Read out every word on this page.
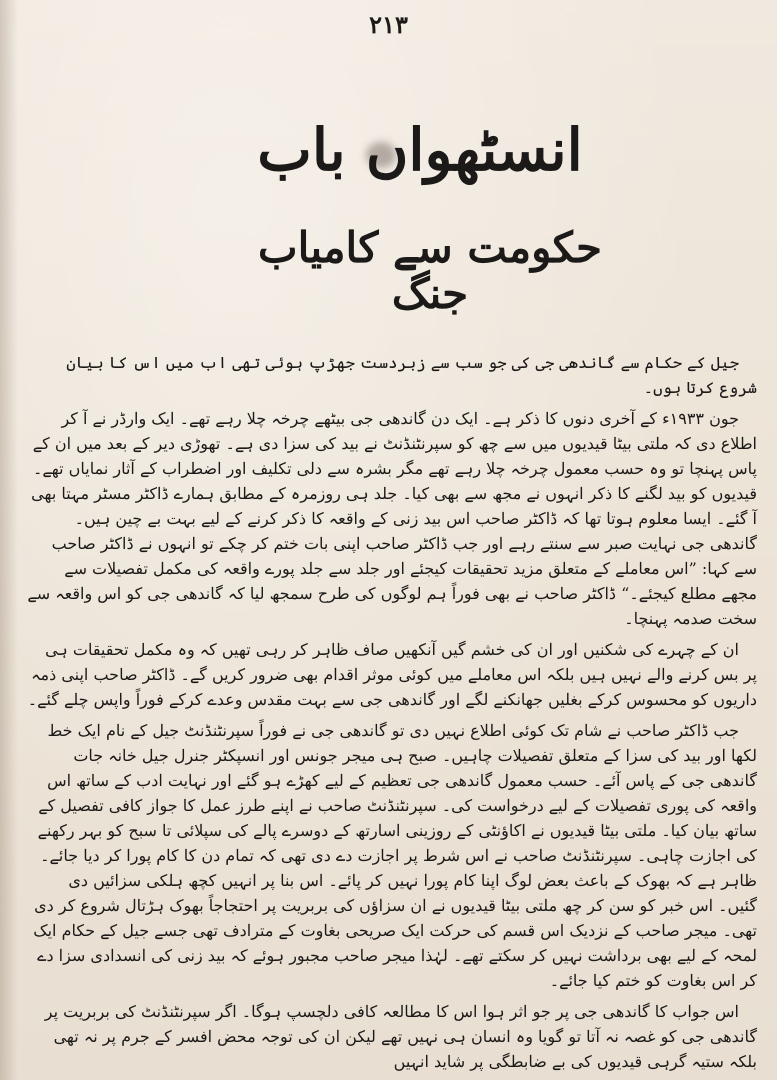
۲۱۳
انسٹھواں باب
حکومت سے کامیاب جنگ

جیل کے حکام سے گاندھی جی کی جو سب سے زبردست جھڑپ ہوئی تھی اب میں اس کا بیان شروع کرتا ہوں۔

جون ۱۹۳۳ء کے آخری دنوں کا ذکر ہے۔ ایک دن گاندھی جی بیٹھے چرخہ چلا رہے تھے۔ ایک وارڈر نے آ کر اطلاع دی کہ ملتی بیٹا قیدیوں میں سے چھ کو سپرنٹنڈنٹ نے بید کی سزا دی ہے۔ تھوڑی دیر کے بعد میں ان کے پاس پہنچا تو وہ حسب معمول چرخہ چلا رہے تھے مگر بشرہ سے دلی تکلیف اور اضطراب کے آثار نمایاں تھے۔ قیدیوں کو بید لگنے کا ذکر انہوں نے مجھ سے بھی کیا۔ جلد ہی روزمرہ کے مطابق ہمارے ڈاکٹر مسٹر مہتا بھی آ گئے۔ ایسا معلوم ہوتا تھا کہ ڈاکٹر صاحب اس بید زنی کے واقعہ کا ذکر کرنے کے لیے بہت بے چین ہیں۔ گاندھی جی نہایت صبر سے سنتے رہے اور جب ڈاکٹر صاحب اپنی بات ختم کر چکے تو انہوں نے ڈاکٹر صاحب سے کہا: ”اس معاملے کے متعلق مزید تحقیقات کیجئے اور جلد سے جلد پورے واقعہ کی مکمل تفصیلات سے مجھے مطلع کیجئے۔“ ڈاکٹر صاحب نے بھی فوراً ہم لوگوں کی طرح سمجھ لیا کہ گاندھی جی کو اس واقعہ سے سخت صدمہ پہنچا۔

ان کے چہرے کی شکنیں اور ان کی خشم گیں آنکھیں صاف ظاہر کر رہی تھیں کہ وہ مکمل تحقیقات ہی پر بس کرنے والے نہیں ہیں بلکہ اس معاملے میں کوئی موثر اقدام بھی ضرور کریں گے۔ ڈاکٹر صاحب اپنی ذمہ داریوں کو محسوس کرکے بغلیں جھانکنے لگے اور گاندھی جی سے بہت مقدس وعدے کرکے فوراً واپس چلے گئے۔

جب ڈاکٹر صاحب نے شام تک کوئی اطلاع نہیں دی تو گاندھی جی نے فوراً سپرنٹنڈنٹ جیل کے نام ایک خط لکھا اور بید کی سزا کے متعلق تفصیلات چاہیں۔ صبح ہی میجر جونس اور انسپکٹر جنرل جیل خانہ جات گاندھی جی کے پاس آئے۔ حسب معمول گاندھی جی تعظیم کے لیے کھڑے ہو گئے اور نہایت ادب کے ساتھ اس واقعہ کی پوری تفصیلات کے لیے درخواست کی۔ سپرنٹنڈنٹ صاحب نے اپنے طرز عمل کا جواز کافی تفصیل کے ساتھ بیان کیا۔ ملتی بیٹا قیدیوں نے اکاؤنٹی کے روزینی اسارتھ کے دوسرے پالے کی سپلائی تا سبح کو بہر رکھنے کی اجازت چاہی۔ سپرنٹنڈنٹ صاحب نے اس شرط پر اجازت دے دی تھی کہ تمام دن کا کام پورا کر دیا جائے۔ ظاہر ہے کہ بھوک کے باعث بعض لوگ اپنا کام پورا نہیں کر پائے۔ اس بنا پر انہیں کچھ ہلکی سزائیں دی گئیں۔ اس خبر کو سن کر چھ ملتی بیٹا قیدیوں نے ان سزاؤں کی بربریت پر احتجاجاً بھوک ہڑتال شروع کر دی تھی۔ میجر صاحب کے نزدیک اس قسم کی حرکت ایک صریحی بغاوت کے مترادف تھی جسے جیل کے حکام ایک لمحہ کے لیے بھی برداشت نہیں کر سکتے تھے۔ لہٰذا میجر صاحب مجبور ہوئے کہ بید زنی کی انسدادی سزا دے کر اس بغاوت کو ختم کیا جائے۔

اس جواب کا گاندھی جی پر جو اثر ہوا اس کا مطالعہ کافی دلچسپ ہوگا۔ اگر سپرنٹنڈنٹ کی بربریت پر گاندھی جی کو غصہ نہ آتا تو گویا وہ انسان ہی نہیں تھے لیکن ان کی توجہ محض افسر کے جرم پر نہ تھی بلکہ ستیہ گرہی قیدیوں کی بے ضابطگی پر شاید انہیں
